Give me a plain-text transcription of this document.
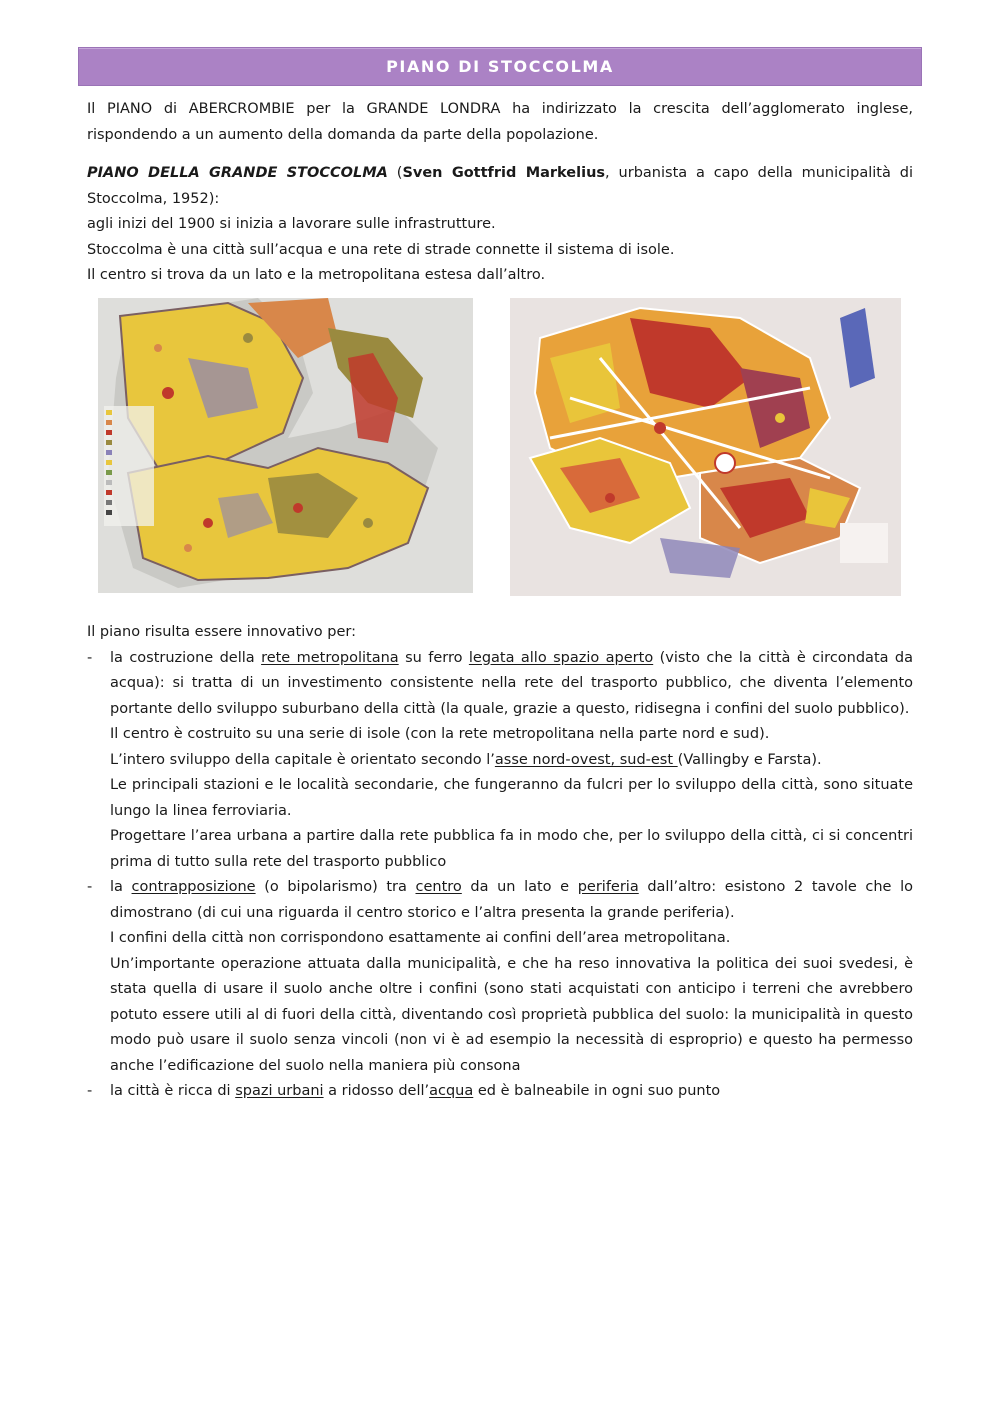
PIANO DI STOCCOLMA

Il PIANO di ABERCROMBIE per la GRANDE LONDRA ha indirizzato la crescita dell’agglomerato inglese, rispondendo a un aumento della domanda da parte della popolazione.

PIANO DELLA GRANDE STOCCOLMA (Sven Gottfrid Markelius, urbanista a capo della municipalità di Stoccolma, 1952):

agli inizi del 1900 si inizia a lavorare sulle infrastrutture.

Stoccolma è una città sull’acqua e una rete di strade connette il sistema di isole.

Il centro si trova da un lato e la metropolitana estesa dall’altro.

Il piano risulta essere innovativo per:

- la costruzione della rete metropolitana su ferro legata allo spazio aperto (visto che la città è circondata da acqua): si tratta di un investimento consistente nella rete del trasporto pubblico, che diventa l’elemento portante dello sviluppo suburbano della città (la quale, grazie a questo, ridisegna i confini del suolo pubblico).

Il centro è costruito su una serie di isole (con la rete metropolitana nella parte nord e sud).

L’intero sviluppo della capitale è orientato secondo l’asse nord-ovest, sud-est (Vallingby e Farsta).

Le principali stazioni e le località secondarie, che fungeranno da fulcri per lo sviluppo della città, sono situate lungo la linea ferroviaria.

Progettare l’area urbana a partire dalla rete pubblica fa in modo che, per lo sviluppo della città, ci si concentri prima di tutto sulla rete del trasporto pubblico

- la contrapposizione (o bipolarismo) tra centro da un lato e periferia dall’altro: esistono 2 tavole che lo dimostrano (di cui una riguarda il centro storico e l’altra presenta la grande periferia).

I confini della città non corrispondono esattamente ai confini dell’area metropolitana.

Un’importante operazione attuata dalla municipalità, e che ha reso innovativa la politica dei suoi svedesi, è stata quella di usare il suolo anche oltre i confini (sono stati acquistati con anticipo i terreni che avrebbero potuto essere utili al di fuori della città, diventando così proprietà pubblica del suolo: la municipalità in questo modo può usare il suolo senza vincoli (non vi è ad esempio la necessità di esproprio) e questo ha permesso anche l’edificazione del suolo nella maniera più consona

- la città è ricca di spazi urbani a ridosso dell’acqua ed è balneabile in ogni suo punto
